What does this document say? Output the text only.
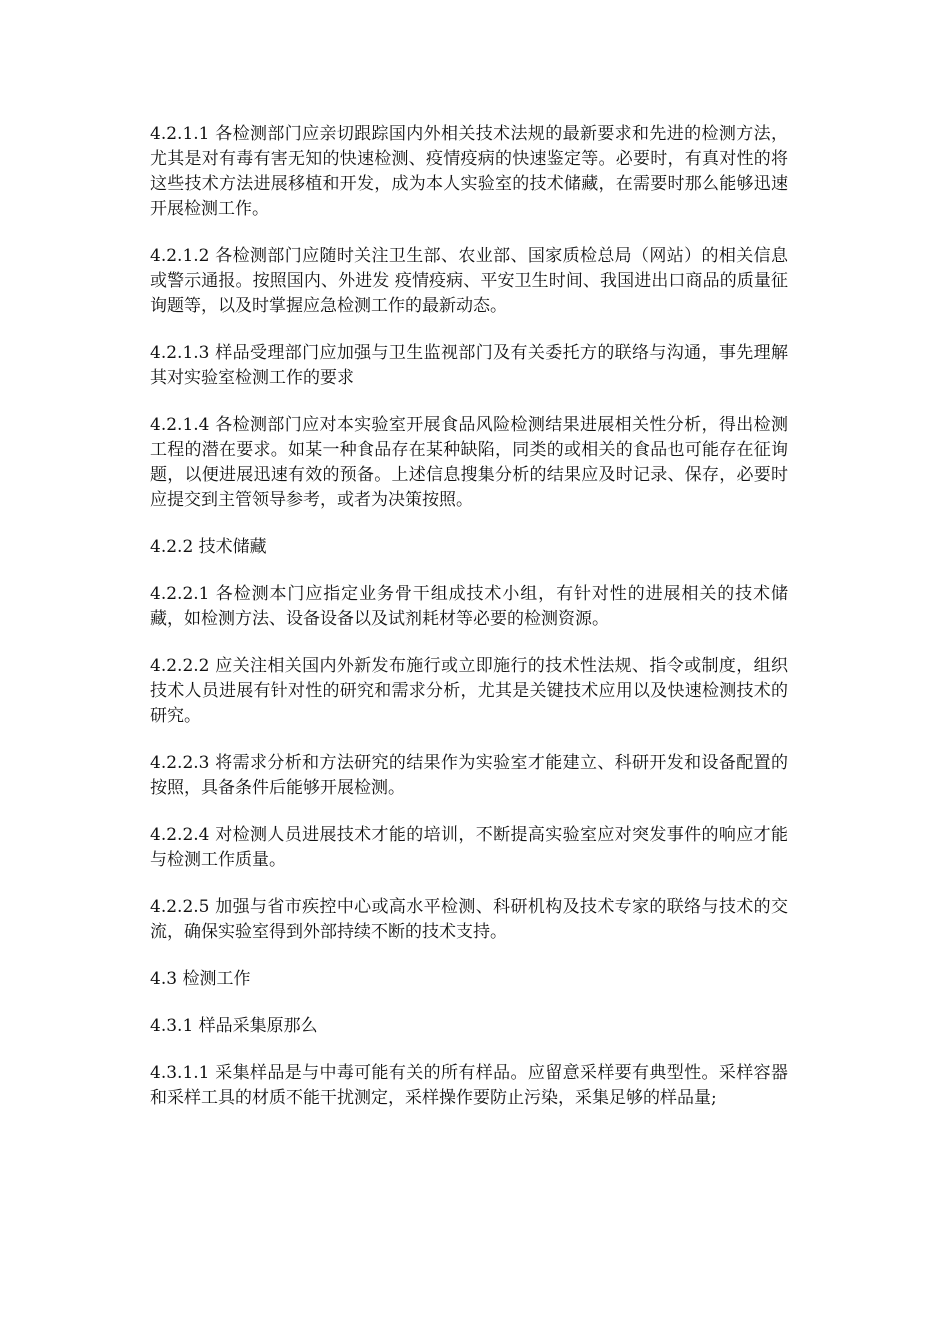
4.2.1.1 各检测部门应亲切跟踪国内外相关技术法规的最新要求和先进的检测方法，尤其是对有毒有害无知的快速检测、疫情疫病的快速鉴定等。必要时，有真对性的将这些技术方法进展移植和开发，成为本人实验室的技术储藏，在需要时那么能够迅速开展检测工作。

4.2.1.2 各检测部门应随时关注卫生部、农业部、国家质检总局（网站）的相关信息或警示通报。按照国内、外进发 疫情疫病、平安卫生时间、我国进出口商品的质量征询题等，以及时掌握应急检测工作的最新动态。

4.2.1.3 样品受理部门应加强与卫生监视部门及有关委托方的联络与沟通，事先理解其对实验室检测工作的要求

4.2.1.4 各检测部门应对本实验室开展食品风险检测结果进展相关性分析，得出检测工程的潜在要求。如某一种食品存在某种缺陷，同类的或相关的食品也可能存在征询题，以便进展迅速有效的预备。上述信息搜集分析的结果应及时记录、保存，必要时应提交到主管领导参考，或者为决策按照。

4.2.2 技术储藏

4.2.2.1 各检测本门应指定业务骨干组成技术小组，有针对性的进展相关的技术储藏，如检测方法、设备设备以及试剂耗材等必要的检测资源。

4.2.2.2 应关注相关国内外新发布施行或立即施行的技术性法规、指令或制度，组织技术人员进展有针对性的研究和需求分析，尤其是关键技术应用以及快速检测技术的研究。

4.2.2.3 将需求分析和方法研究的结果作为实验室才能建立、科研开发和设备配置的按照，具备条件后能够开展检测。

4.2.2.4 对检测人员进展技术才能的培训，不断提高实验室应对突发事件的响应才能与检测工作质量。

4.2.2.5 加强与省市疾控中心或高水平检测、科研机构及技术专家的联络与技术的交流，确保实验室得到外部持续不断的技术支持。

4.3 检测工作

4.3.1 样品采集原那么

4.3.1.1 采集样品是与中毒可能有关的所有样品。应留意采样要有典型性。采样容器和采样工具的材质不能干扰测定，采样操作要防止污染，采集足够的样品量;
